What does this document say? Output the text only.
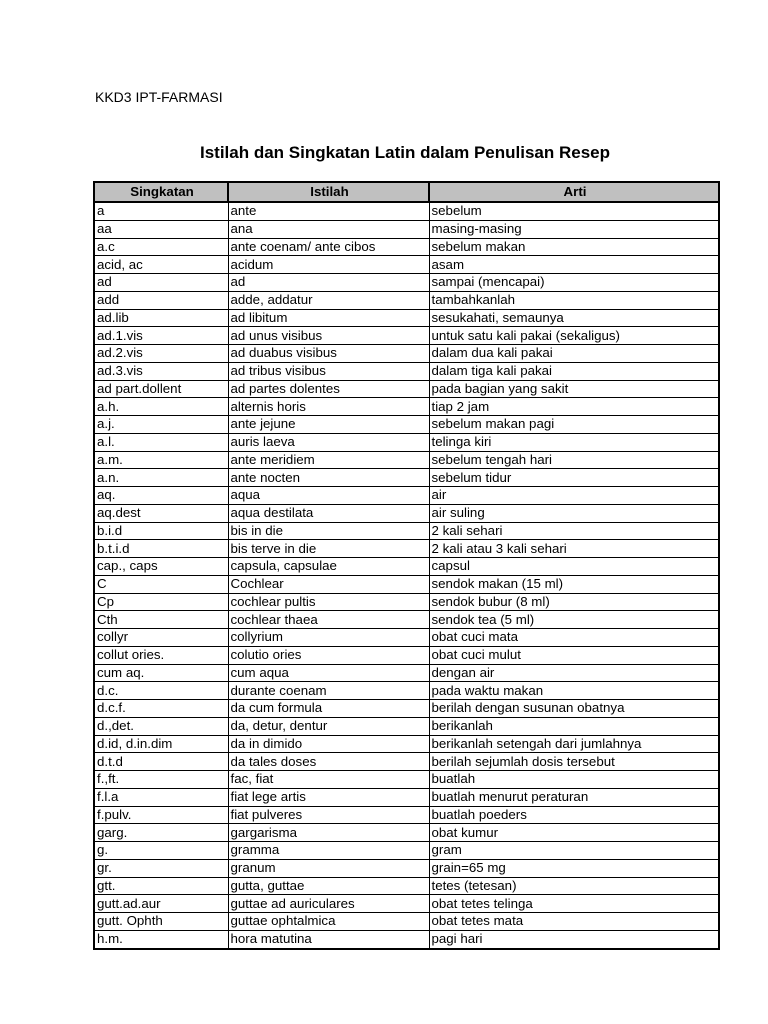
KKD3 IPT-FARMASI
Istilah dan Singkatan Latin dalam Penulisan Resep
Singkatan	Istilah	Arti
a	ante	sebelum
aa	ana	masing-masing
a.c	ante coenam/ ante cibos	sebelum makan
acid, ac	acidum	asam
ad	ad	sampai (mencapai)
add	adde, addatur	tambahkanlah
ad.lib	ad libitum	sesukahati, semaunya
ad.1.vis	ad unus visibus	untuk satu kali pakai (sekaligus)
ad.2.vis	ad duabus visibus	dalam dua kali pakai
ad.3.vis	ad tribus visibus	dalam tiga kali pakai
ad part.dollent	ad partes dolentes	pada bagian yang sakit
a.h.	alternis horis	tiap 2 jam
a.j.	ante jejune	sebelum makan pagi
a.l.	auris laeva	telinga kiri
a.m.	ante meridiem	sebelum tengah hari
a.n.	ante nocten	sebelum tidur
aq.	aqua	air
aq.dest	aqua destilata	air suling
b.i.d	bis in die	2 kali sehari
b.t.i.d	bis terve in die	2 kali atau 3 kali sehari
cap., caps	capsula, capsulae	capsul
C	Cochlear	sendok makan (15 ml)
Cp	cochlear pultis	sendok bubur (8 ml)
Cth	cochlear thaea	sendok tea (5 ml)
collyr	collyrium	obat cuci mata
collut ories.	colutio ories	obat cuci mulut
cum aq.	cum aqua	dengan air
d.c.	durante coenam	pada waktu makan
d.c.f.	da cum formula	berilah dengan susunan obatnya
d.,det.	da, detur, dentur	berikanlah
d.id, d.in.dim	da in dimido	berikanlah setengah dari jumlahnya
d.t.d	da tales doses	berilah sejumlah dosis tersebut
f.,ft.	fac, fiat	buatlah
f.l.a	fiat lege artis	buatlah menurut peraturan
f.pulv.	fiat pulveres	buatlah poeders
garg.	gargarisma	obat kumur
g.	gramma	gram
gr.	granum	grain=65 mg
gtt.	gutta, guttae	tetes (tetesan)
gutt.ad.aur	guttae ad auriculares	obat tetes telinga
gutt. Ophth	guttae ophtalmica	obat tetes mata
h.m.	hora matutina	pagi hari
